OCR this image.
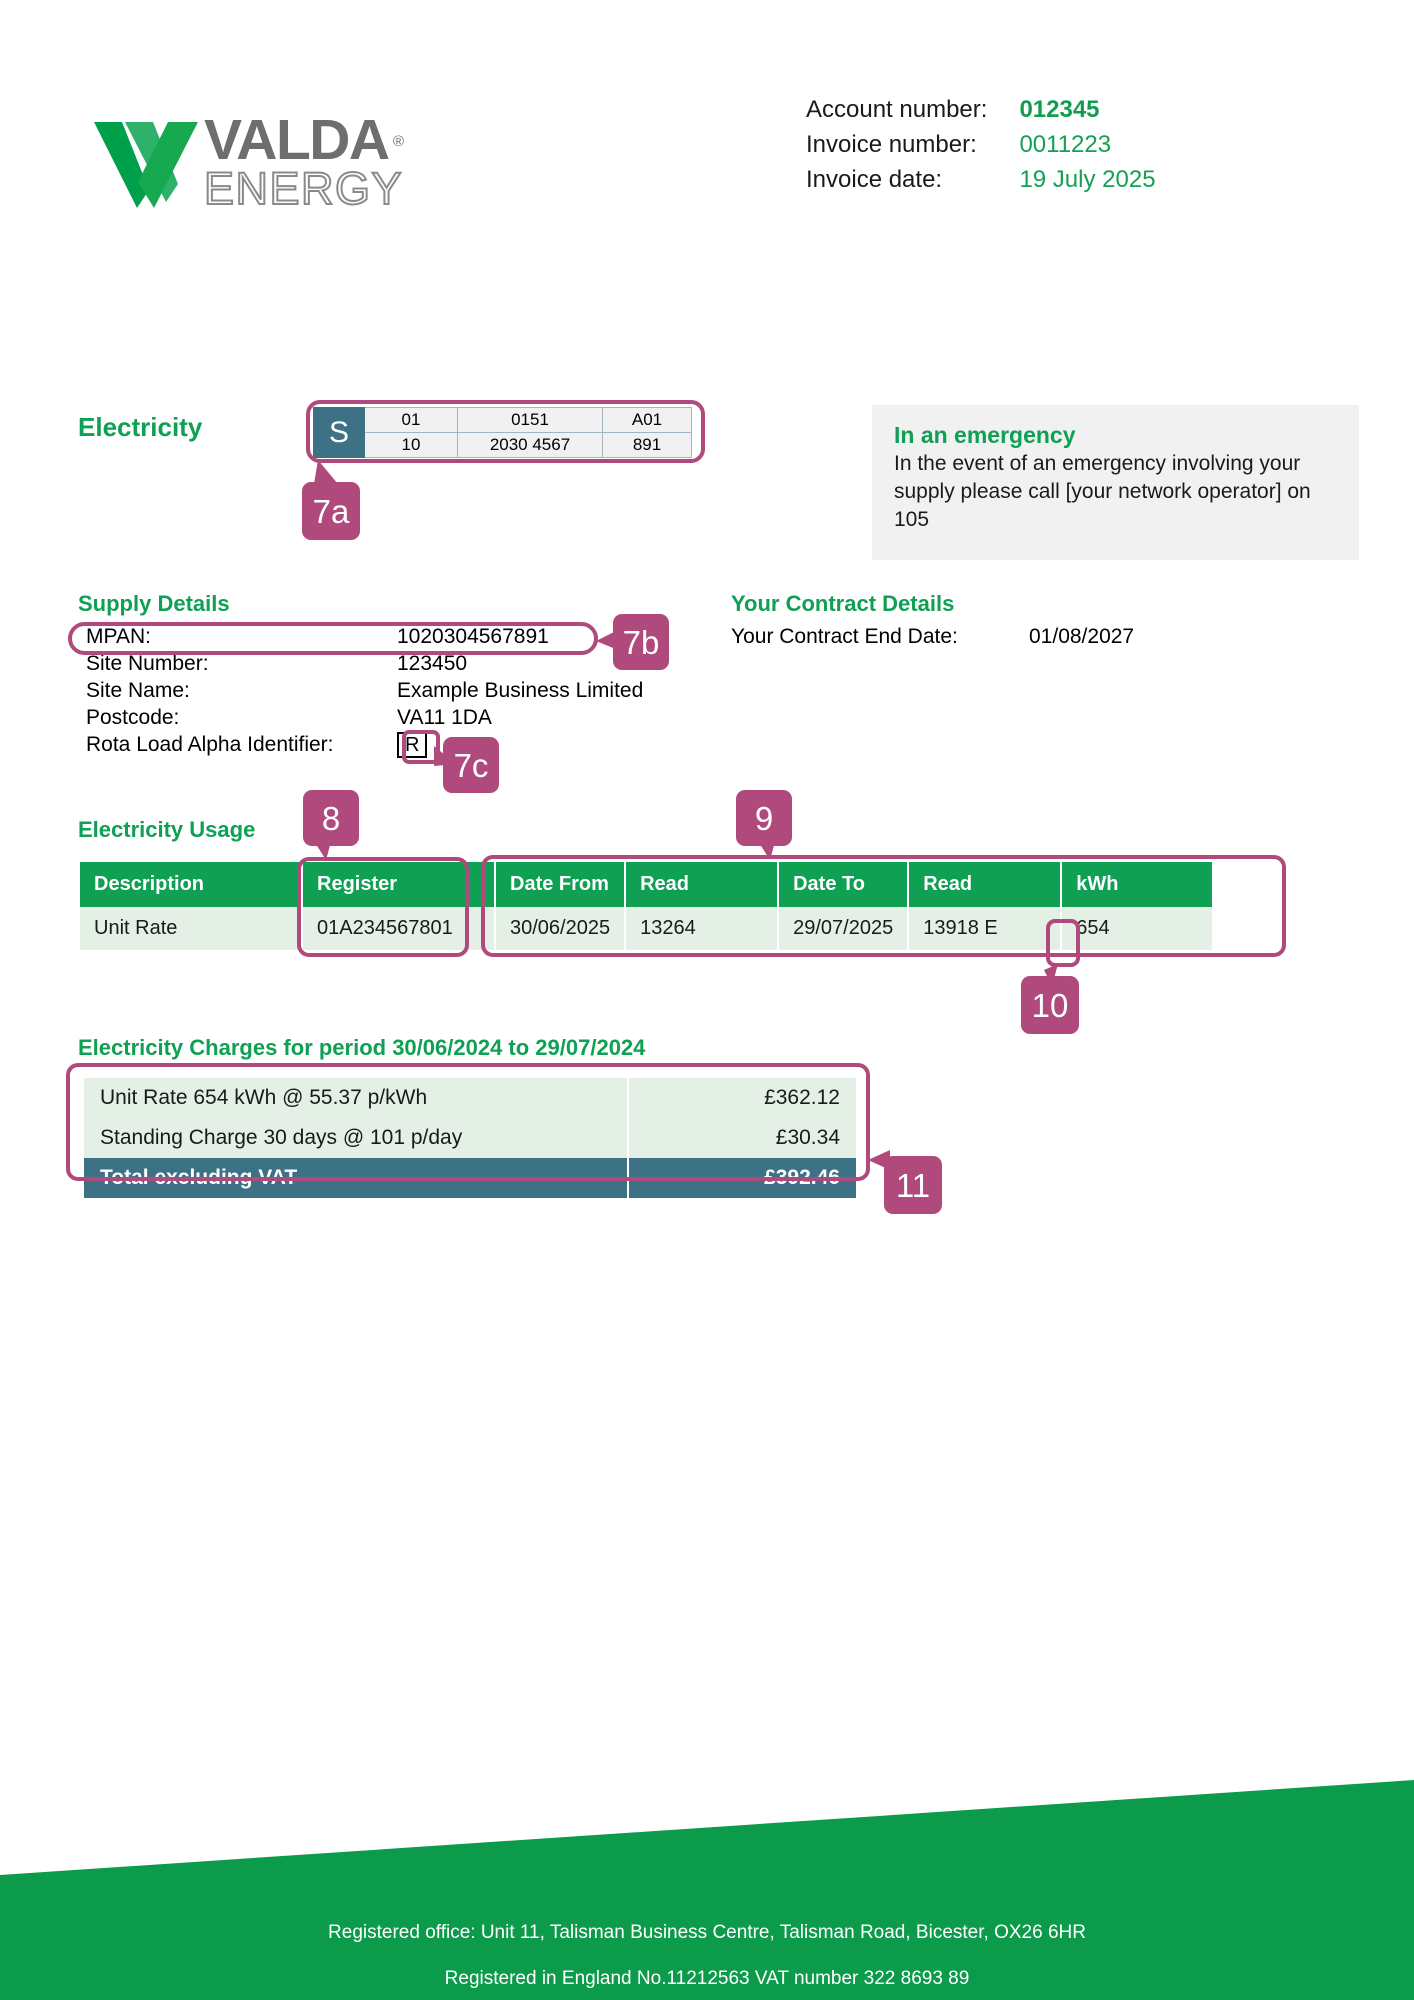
VALDA ®
ENERGY
Account number:	012345
Invoice number:	0011223
Invoice date:	19 July 2025
Electricity	S	01	0151	A01
	10	2030 4567	891
7a
In an emergency
In the event of an emergency involving your supply please call [your network operator] on 105
Supply Details
MPAN:	1020304567891
Site Number:	123450
Site Name:	Example Business Limited
Postcode:	VA11 1DA
Rota Load Alpha Identifier:	R
7b
7c
Your Contract Details
Your Contract End Date:	01/08/2027
Electricity Usage
Description	Register	Date From	Read	Date To	Read	kWh
Unit Rate	01A234567801	30/06/2025	13264	29/07/2025	13918 E	654
8	9
10
Electricity Charges for period 30/06/2024 to 29/07/2024
Unit Rate 654 kWh @ 55.37 p/kWh	£362.12
Standing Charge 30 days @ 101 p/day	£30.34
Total excluding VAT	£392.46	11
Registered office: Unit 11, Talisman Business Centre, Talisman Road, Bicester, OX26 6HR
Registered in England No.11212563 VAT number 322 8693 89
